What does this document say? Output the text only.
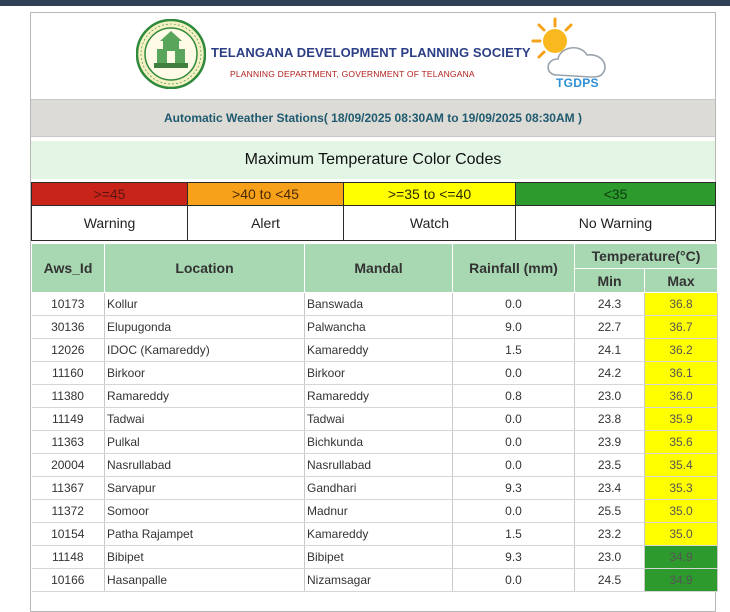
TELANGANA DEVELOPMENT PLANNING SOCIETY
PLANNING DEPARTMENT, GOVERNMENT OF TELANGANA
TGDPS
Automatic Weather Stations( 18/09/2025 08:30AM to 19/09/2025 08:30AM )
Maximum Temperature Color Codes
>=45	>40 to <45	>=35 to <=40	<35
Warning	Alert	Watch	No Warning
Aws_Id	Location	Mandal	Rainfall (mm)	Temperature(°C)	
				Min	Max
10173	Kollur	Banswada	0.0	24.3	36.8
30136	Elupugonda	Palwancha	9.0	22.7	36.7
12026	IDOC (Kamareddy)	Kamareddy	1.5	24.1	36.2
11160	Birkoor	Birkoor	0.0	24.2	36.1
11380	Ramareddy	Ramareddy	0.8	23.0	36.0
11149	Tadwai	Tadwai	0.0	23.8	35.9
11363	Pulkal	Bichkunda	0.0	23.9	35.6
20004	Nasrullabad	Nasrullabad	0.0	23.5	35.4
11367	Sarvapur	Gandhari	9.3	23.4	35.3
11372	Somoor	Madnur	0.0	25.5	35.0
10154	Patha Rajampet	Kamareddy	1.5	23.2	35.0
11148	Bibipet	Bibipet	9.3	23.0	34.9
10166	Hasanpalle	Nizamsagar	0.0	24.5	34.9
